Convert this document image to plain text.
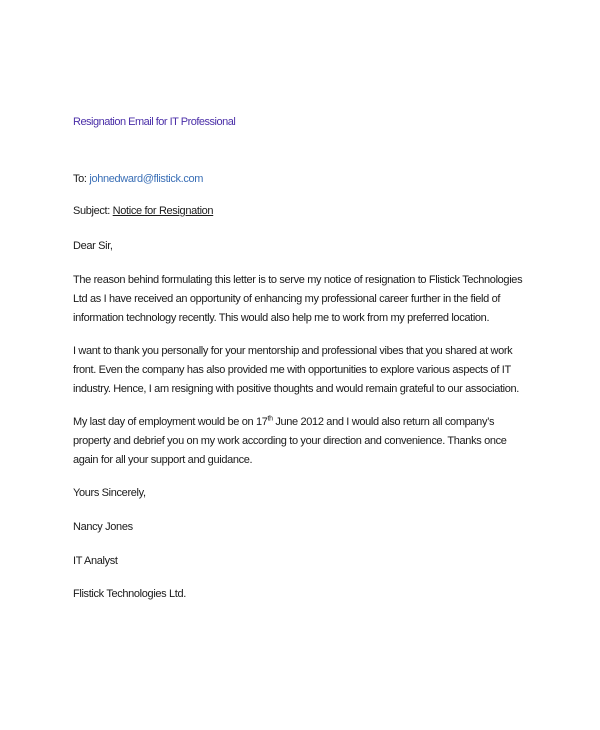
Resignation Email for IT Professional
To: johnedward@flistick.com
Subject: Notice for Resignation
Dear Sir,
The reason behind formulating this letter is to serve my notice of resignation to Flistick Technologies Ltd as I have received an opportunity of enhancing my professional career further in the field of information technology recently. This would also help me to work from my preferred location.
I want to thank you personally for your mentorship and professional vibes that you shared at work front. Even the company has also provided me with opportunities to explore various aspects of IT industry. Hence, I am resigning with positive thoughts and would remain grateful to our association.
My last day of employment would be on 17th June 2012 and I would also return all company’s property and debrief you on my work according to your direction and convenience. Thanks once again for all your support and guidance.
Yours Sincerely,
Nancy Jones
IT Analyst
Flistick Technologies Ltd.
